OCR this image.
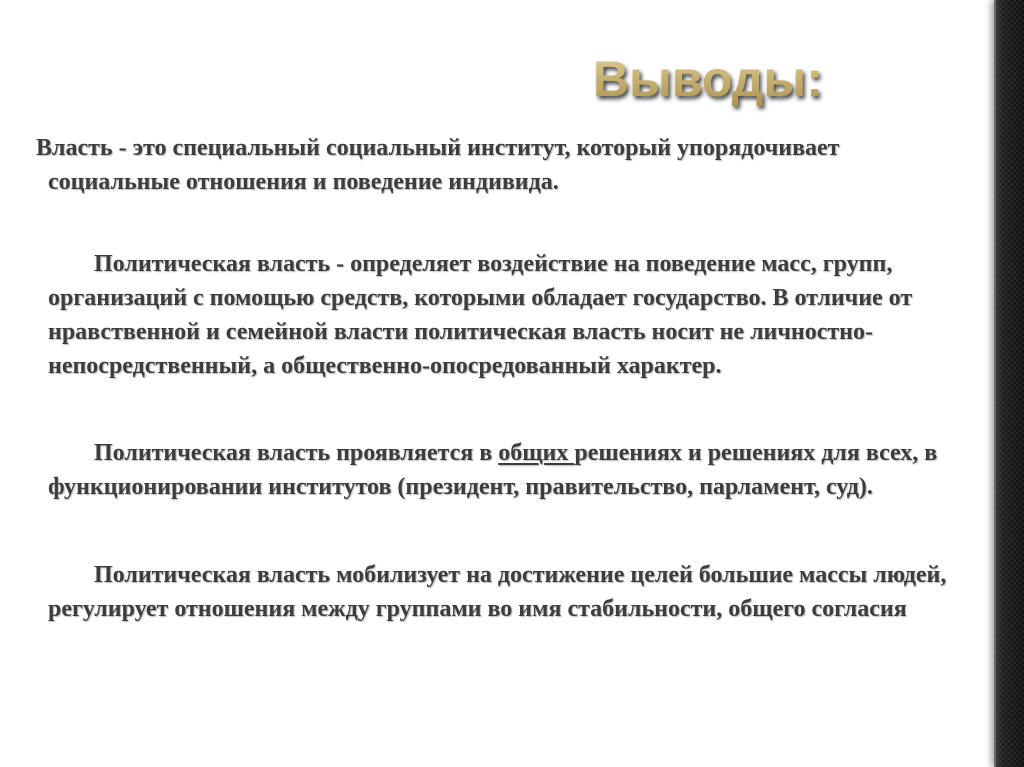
Выводы:

Власть - это специальный социальный институт, который упорядочивает социальные отношения и поведение индивида.

Политическая власть - определяет воздействие на поведение масс, групп, организаций с помощью средств, которыми обладает государство. В отличие от нравственной и семейной власти политическая власть носит не личностно-непосредственный, а общественно-опосредованный характер.

Политическая власть проявляется в общих решениях и решениях для всех, в функционировании институтов (президент, правительство, парламент, суд).

Политическая власть мобилизует на достижение целей большие массы людей, регулирует отношения между группами во имя стабильности, общего согласия
